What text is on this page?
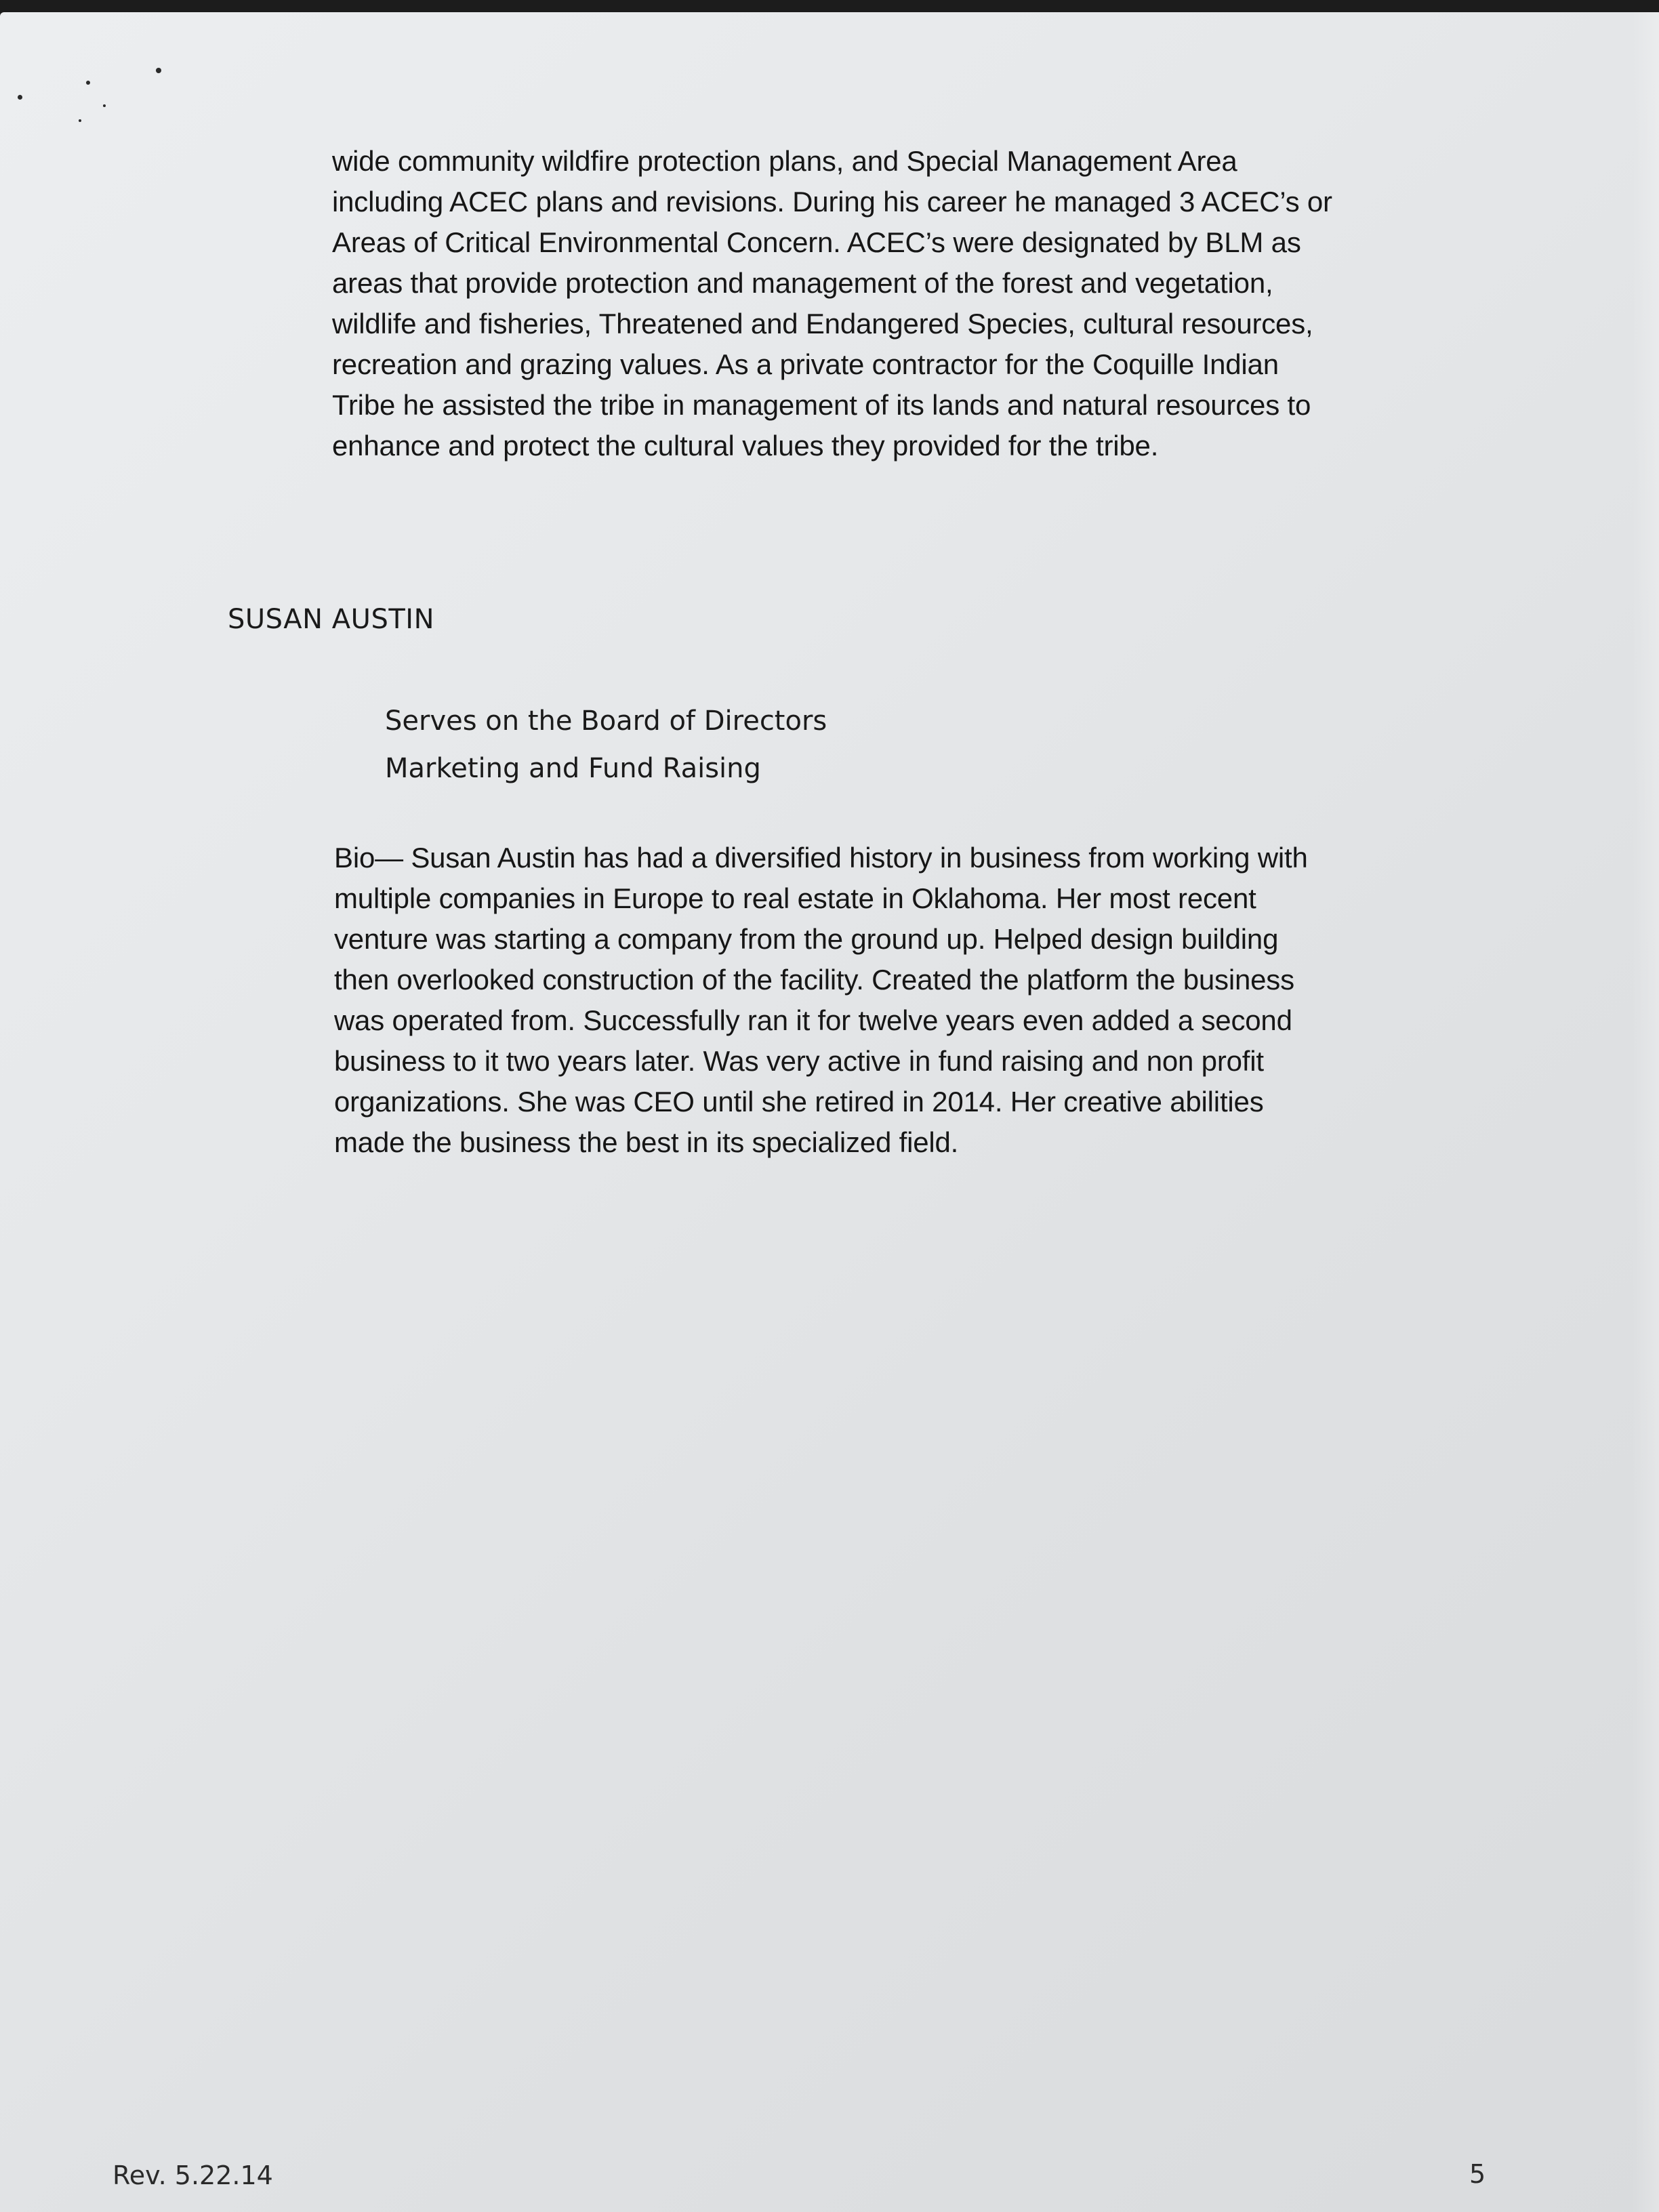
wide community wildfire protection plans, and Special Management Area
including ACEC plans and revisions. During his career he managed 3 ACEC’s or
Areas of Critical Environmental Concern. ACEC’s were designated by BLM as
areas that provide protection and management of the forest and vegetation,
wildlife and fisheries, Threatened and Endangered Species, cultural resources,
recreation and grazing values. As a private contractor for the Coquille Indian
Tribe he assisted the tribe in management of its lands and natural resources to
enhance and protect the cultural values they provided for the tribe.

SUSAN AUSTIN
Serves on the Board of Directors
Marketing and Fund Raising

Bio— Susan Austin has had a diversified history in business from working with
multiple companies in Europe to real estate in Oklahoma. Her most recent
venture was starting a company from the ground up. Helped design building
then overlooked construction of the facility. Created the platform the business
was operated from. Successfully ran it for twelve years even added a second
business to it two years later. Was very active in fund raising and non profit
organizations. She was CEO until she retired in 2014. Her creative abilities
made the business the best in its specialized field.

Rev. 5.22.14	5
